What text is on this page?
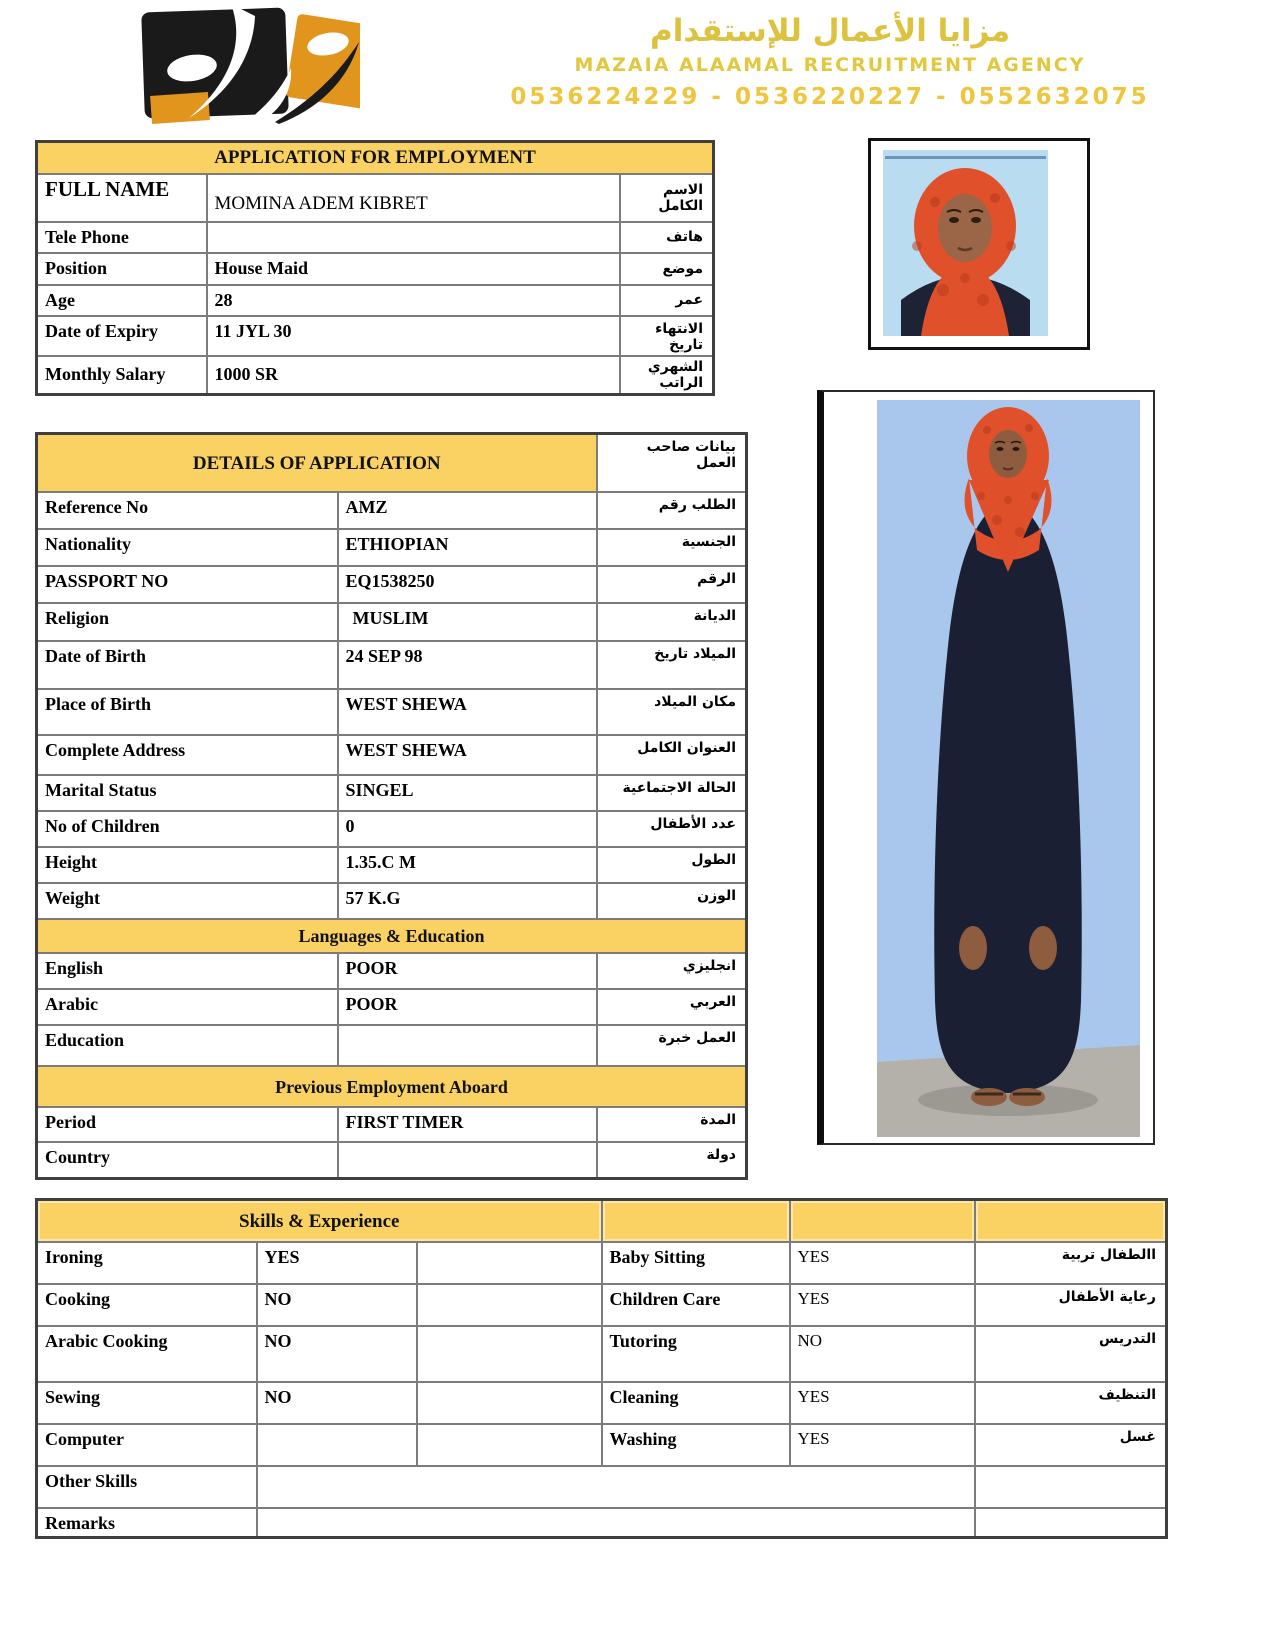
مزايا الأعمال للإستقدام
MAZAIA ALAAMAL RECRUITMENT AGENCY
0536224229 - 0536220227 - 0552632075
APPLICATION FOR EMPLOYMENT		
FULL NAME	MOMINA ADEM KIBRET	الاسم الكامل
Tele Phone		هاتف
Position	House Maid	موضع
Age	28	عمر
Date of Expiry	11 JYL 30	الانتهاء تاريخ
Monthly Salary	1000 SR	الشهري الراتب
DETAILS OF APPLICATION		بيانات صاحب العمل
Reference No	AMZ	الطلب رقم
Nationality	ETHIOPIAN	الجنسية
PASSPORT NO	EQ1538250	الرقم
Religion	MUSLIM	الديانة
Date of Birth	24 SEP 98	الميلاد تاريخ
Place of Birth	WEST SHEWA	مكان الميلاد
Complete Address	WEST SHEWA	العنوان الكامل
Marital Status	SINGEL	الحالة الاجتماعية
No of Children	0	عدد الأطفال
Height	1.35.C M	الطول
Weight	57 K.G	الوزن
Languages & Education		
English	POOR	انجليزي
Arabic	POOR	العربي
Education		العمل خبرة
Previous Employment Aboard		
Period	FIRST TIMER	المدة
Country		دولة
Skills & Experience					
Ironing	YES		Baby Sitting	YES	االطفال تربية
Cooking	NO		Children Care	YES	رعاية الأطفال
Arabic Cooking	NO		Tutoring	NO	التدريس
Sewing	NO		Cleaning	YES	التنظيف
Computer			Washing	YES	غسل
Other Skills					
Remarks					
